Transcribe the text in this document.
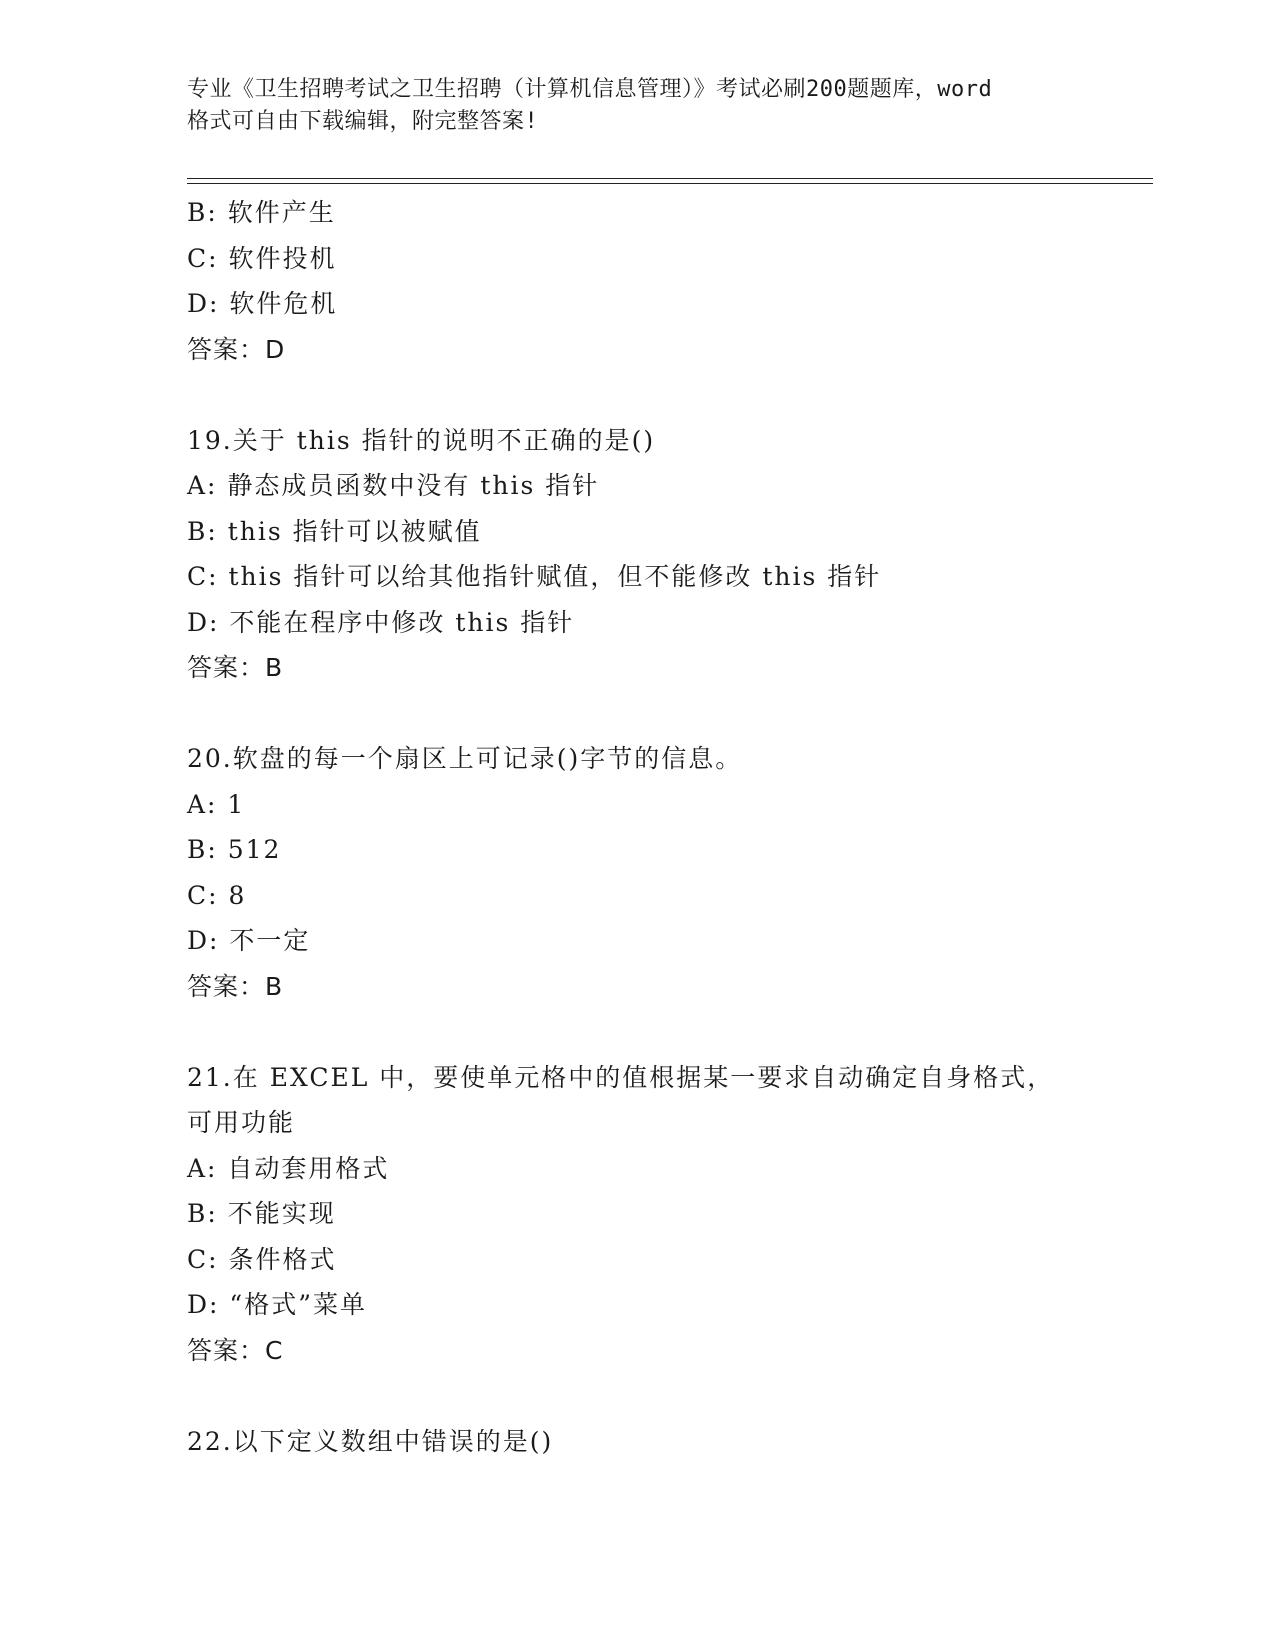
专业《卫生招聘考试之卫生招聘（计算机信息管理）》考试必刷200题题库，word
格式可自由下载编辑，附完整答案!
B: 软件产生
C: 软件投机
D: 软件危机
答案：D
19.关于 this 指针的说明不正确的是()
A: 静态成员函数中没有 this 指针
B: this 指针可以被赋值
C: this 指针可以给其他指针赋值，但不能修改 this 指针
D: 不能在程序中修改 this 指针
答案：B
20.软盘的每一个扇区上可记录()字节的信息。
A: 1
B: 512
C: 8
D: 不一定
答案：B
21.在 EXCEL 中，要使单元格中的值根据某一要求自动确定自身格式，
可用功能
A: 自动套用格式
B: 不能实现
C: 条件格式
D: “格式”菜单
答案：C
22.以下定义数组中错误的是()
